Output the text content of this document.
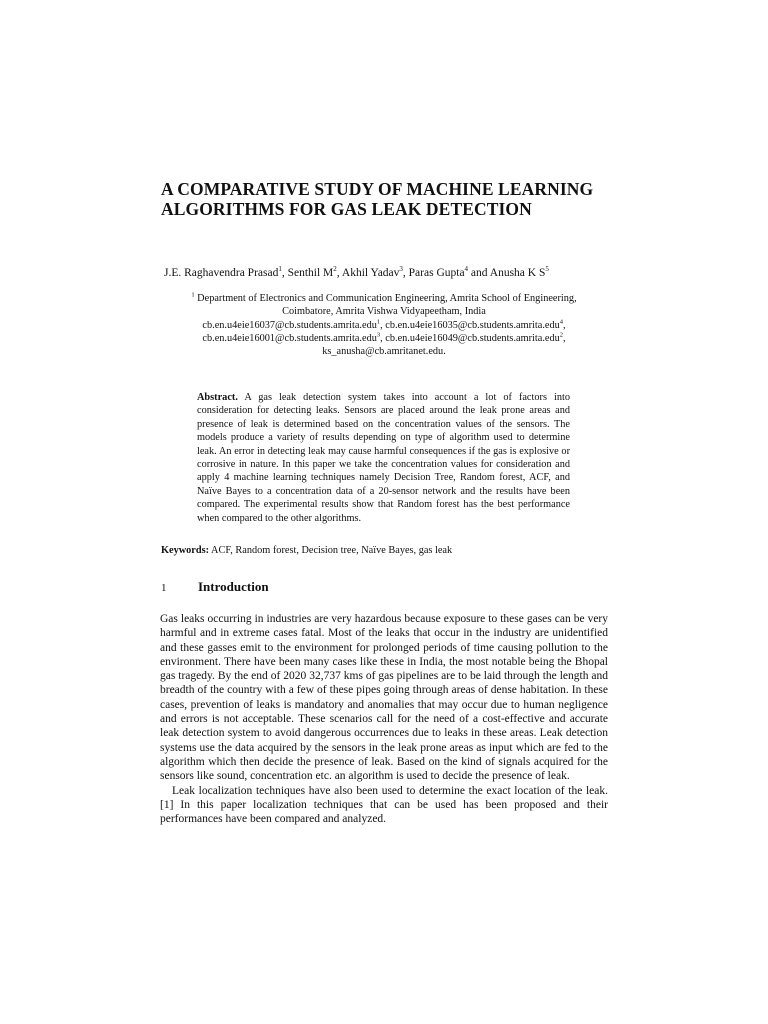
A COMPARATIVE STUDY OF MACHINE LEARNING
ALGORITHMS FOR GAS LEAK DETECTION
J.E. Raghavendra Prasad$^1$, Senthil $M^2$, Akhil Yadav$^3$, Paras Gupta$^4$ and Anusha K $S^5$
$^1$ Department of Electronics and Communication Engineering, Amrita School of Engineering,
Coimbatore, Amrita Vishwa Vidyapeetham, India
cb.en.u4eie16037@cb.students.amrita.edu$^1$, cb.en.u4eie16035@cb.students.amrita.edu$^4$,
cb.en.u4eie16001@cb.students.amrita.edu$^3$, cb.en.u4eie16049@cb.students.amrita.edu$^2$,
ks_anusha@cb.amritanet.edu.
Abstract. A gas leak detection system takes into account a lot of factors into consideration for detecting leaks. Sensors are placed around the leak prone areas and presence of leak is determined based on the concentration values of the sensors. The models produce a variety of results depending on type of algorithm used to determine leak. An error in detecting leak may cause harmful consequences if the gas is explosive or corrosive in nature. In this paper we take the concentration values for consideration and apply 4 machine learning techniques namely Decision Tree, Random forest, ACF, and Naïve Bayes to a concentration data of a 20-sensor network and the results have been compared. The experimental results show that Random forest has the best performance when compared to the other algorithms.
Keywords: ACF, Random forest, Decision tree, Naïve Bayes, gas leak
1 Introduction

Gas leaks occurring in industries are very hazardous because exposure to these gases can be very harmful and in extreme cases fatal. Most of the leaks that occur in the industry are unidentified and these gasses emit to the environment for prolonged periods of time causing pollution to the environment. There have been many cases like these in India, the most notable being the Bhopal gas tragedy. By the end of 2020 32,737 kms of gas pipelines are to be laid through the length and breadth of the country with a few of these pipes going through areas of dense habitation. In these cases, prevention of leaks is mandatory and anomalies that may occur due to human negligence and errors is not acceptable. These scenarios call for the need of a cost-effective and accurate leak detection system to avoid dangerous occurrences due to leaks in these areas. Leak detection systems use the data acquired by the sensors in the leak prone areas as input which are fed to the algorithm which then decide the presence of leak. Based on the kind of signals acquired for the sensors like sound, concentration etc. an algorithm is used to decide the presence of leak.

Leak localization techniques have also been used to determine the exact location of the leak.[1] In this paper localization techniques that can be used has been proposed and their performances have been compared and analyzed.
